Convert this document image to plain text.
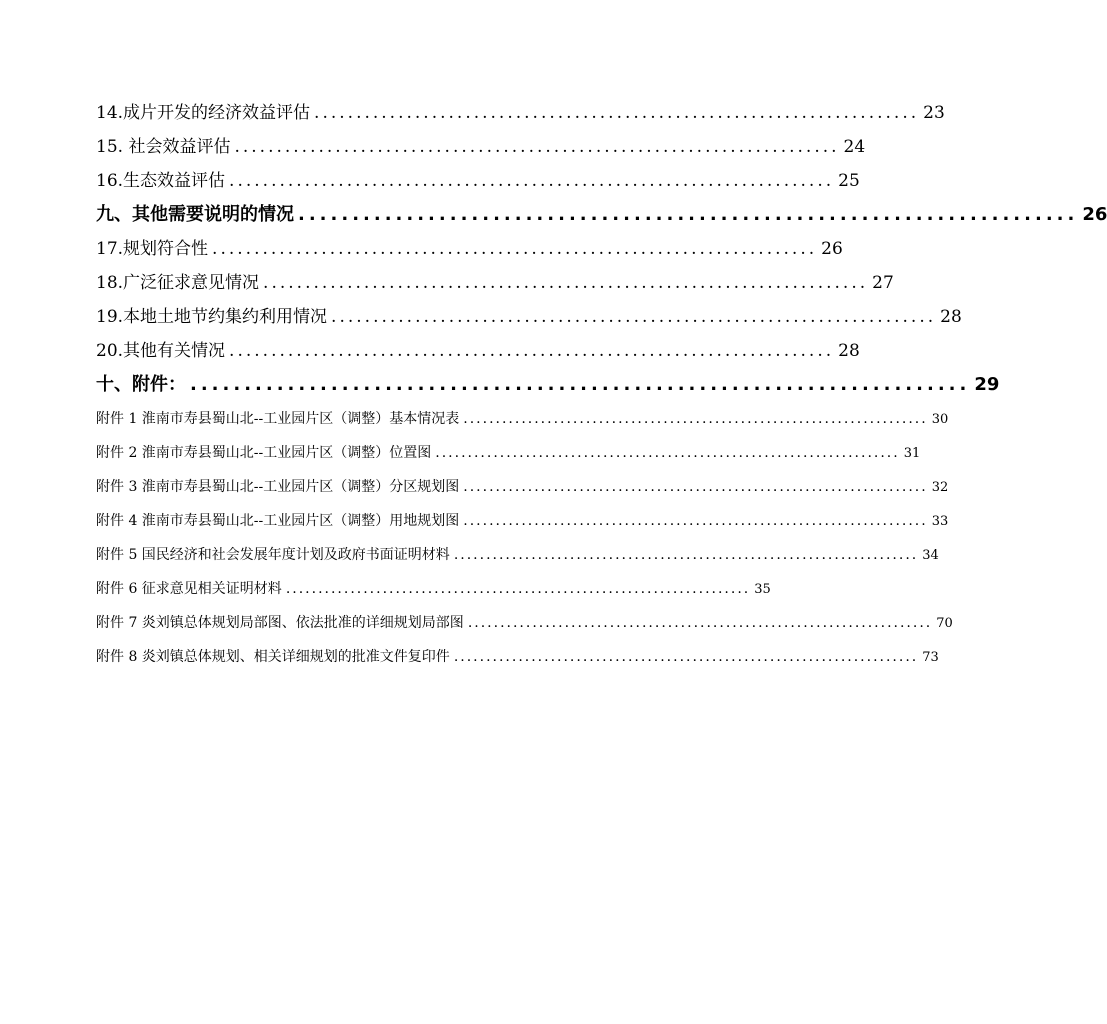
14.成片开发的经济效益评估 ........................................................................ 23
15. 社会效益评估 ........................................................................ 24
16.生态效益评估 ........................................................................ 25
九、其他需要说明的情况 ........................................................................ 26
17.规划符合性 ........................................................................ 26
18.广泛征求意见情况 ........................................................................ 27
19.本地土地节约集约利用情况 ........................................................................ 28
20.其他有关情况 ........................................................................ 28
十、附件： ........................................................................ 29
附件 1 淮南市寿县蜀山北--工业园片区（调整）基本情况表 ........................................................................ 30
附件 2 淮南市寿县蜀山北--工业园片区（调整）位置图 ........................................................................ 31
附件 3 淮南市寿县蜀山北--工业园片区（调整）分区规划图 ........................................................................ 32
附件 4 淮南市寿县蜀山北--工业园片区（调整）用地规划图 ........................................................................ 33
附件 5 国民经济和社会发展年度计划及政府书面证明材料 ........................................................................ 34
附件 6 征求意见相关证明材料 ........................................................................ 35
附件 7 炎刘镇总体规划局部图、依法批准的详细规划局部图 ........................................................................ 70
附件 8 炎刘镇总体规划、相关详细规划的批准文件复印件 ........................................................................ 73
